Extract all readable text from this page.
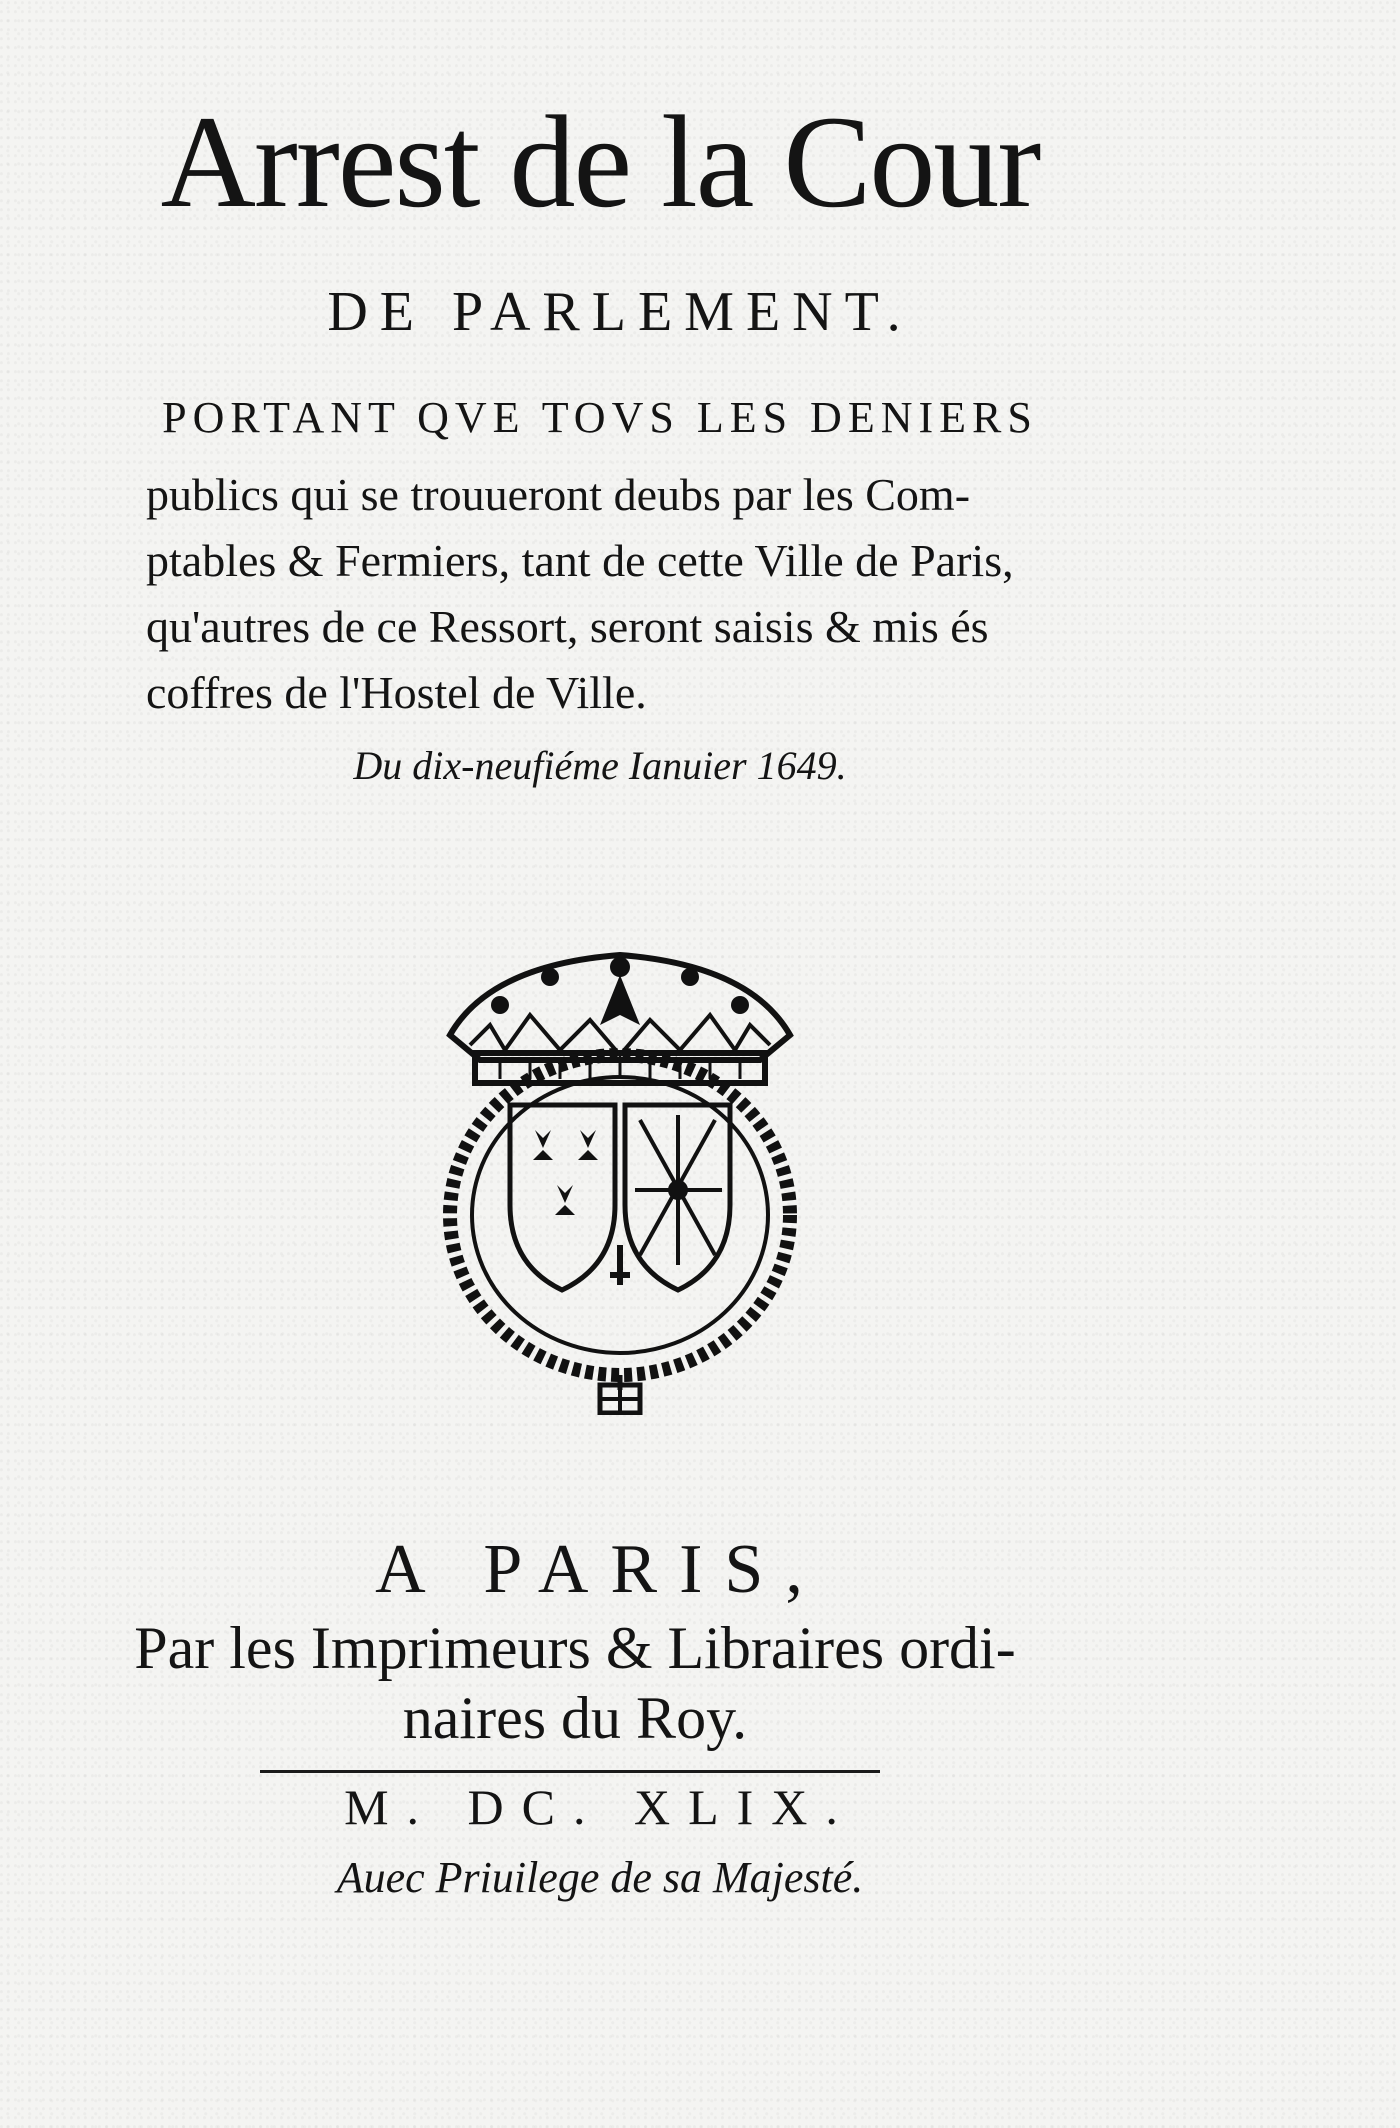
Arrest de la Cour
DE PARLEMENT.
PORTANT QVE TOVS LES DENIERS
publics qui se trouueront deubs par les Com-
ptables & Fermiers, tant de cette Ville de Paris,
qu'autres de ce Ressort, seront saisis & mis és
coffres de l'Hostel de Ville.
Du dix-neufiéme Ianuier 1649.
A PARIS,
Par les Imprimeurs & Libraires ordi-
naires du Roy.
M. DC. XLIX.
Auec Priuilege de sa Majesté.
